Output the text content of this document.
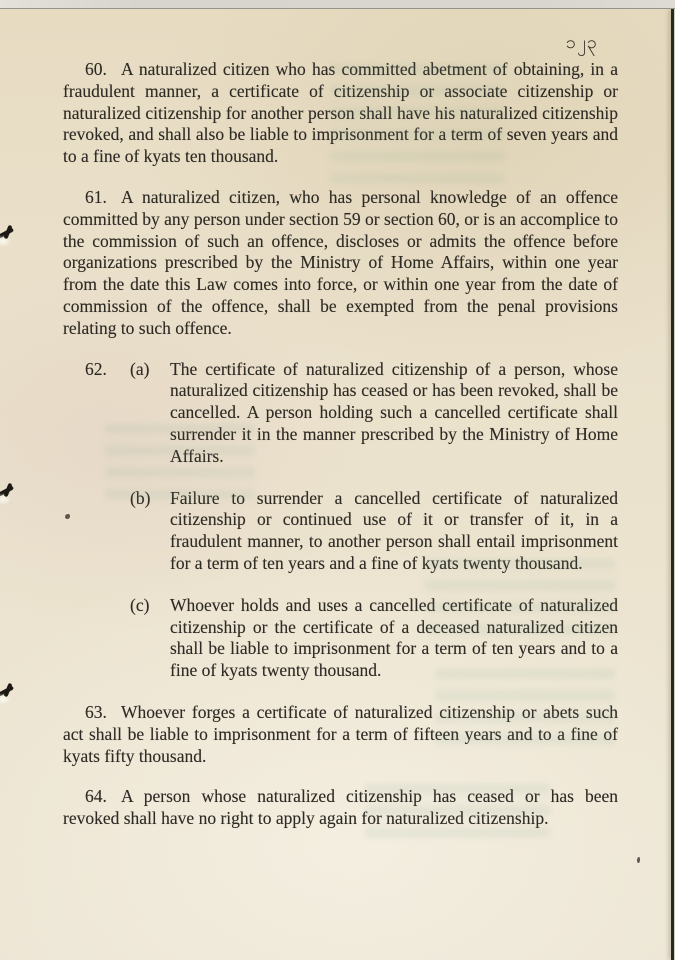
၁၂၃

60. A naturalized citizen who has committed abetment of obtaining, in a fraudulent manner, a certificate of citizenship or associate citizenship or naturalized citizenship for another person shall have his naturalized citizenship revoked, and shall also be liable to imprisonment for a term of seven years and to a fine of kyats ten thousand.

61. A naturalized citizen, who has personal knowledge of an offence committed by any person under section 59 or section 60, or is an accomplice to the commission of such an offence, discloses or admits the offence before organizations prescribed by the Ministry of Home Affairs, within one year from the date this Law comes into force, or within one year from the date of commission of the offence, shall be exempted from the penal provisions relating to such offence.

62.	(a)	The certificate of naturalized citizenship of a person, whose naturalized citizenship has ceased or has been revoked, shall be cancelled. A person holding such a cancelled certificate shall surrender it in the manner prescribed by the Ministry of Home Affairs.

(b)	Failure to surrender a cancelled certificate of naturalized citizenship or continued use of it or transfer of it, in a fraudulent manner, to another person shall entail imprisonment for a term of ten years and a fine of kyats twenty thousand.

(c)	Whoever holds and uses a cancelled certificate of naturalized citizenship or the certificate of a deceased naturalized citizen shall be liable to imprisonment for a term of ten years and to a fine of kyats twenty thousand.

63. Whoever forges a certificate of naturalized citizenship or abets such act shall be liable to imprisonment for a term of fifteen years and to a fine of kyats fifty thousand.

64. A person whose naturalized citizenship has ceased or has been revoked shall have no right to apply again for naturalized citizenship.
